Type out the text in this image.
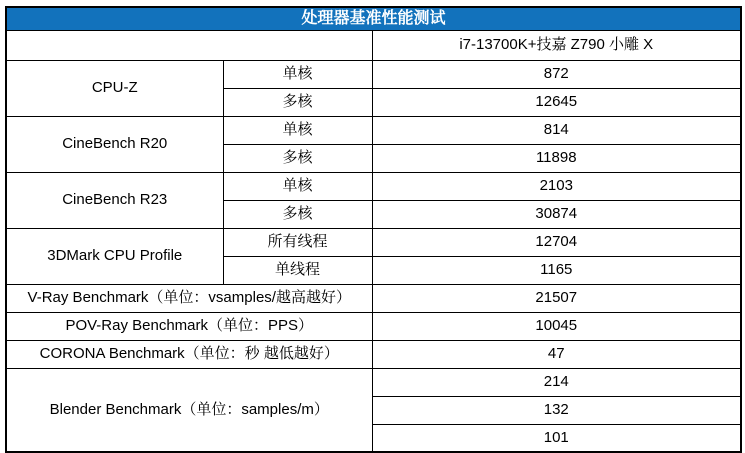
处理器基准性能测试		
		i7-13700K+技嘉 Z790 小雕 X
CPU-Z	单核	872
	多核	12645
CineBench R20	单核	814
	多核	11898
CineBench R23	单核	2103
	多核	30874
3DMark CPU Profile	所有线程	12704
	单线程	1165
V-Ray Benchmark（单位：vsamples/越高越好）		21507
POV-Ray Benchmark（单位：PPS）		10045
CORONA Benchmark（单位：秒 越低越好）		47
Blender Benchmark（单位：samples/m）		214
		132
		101
